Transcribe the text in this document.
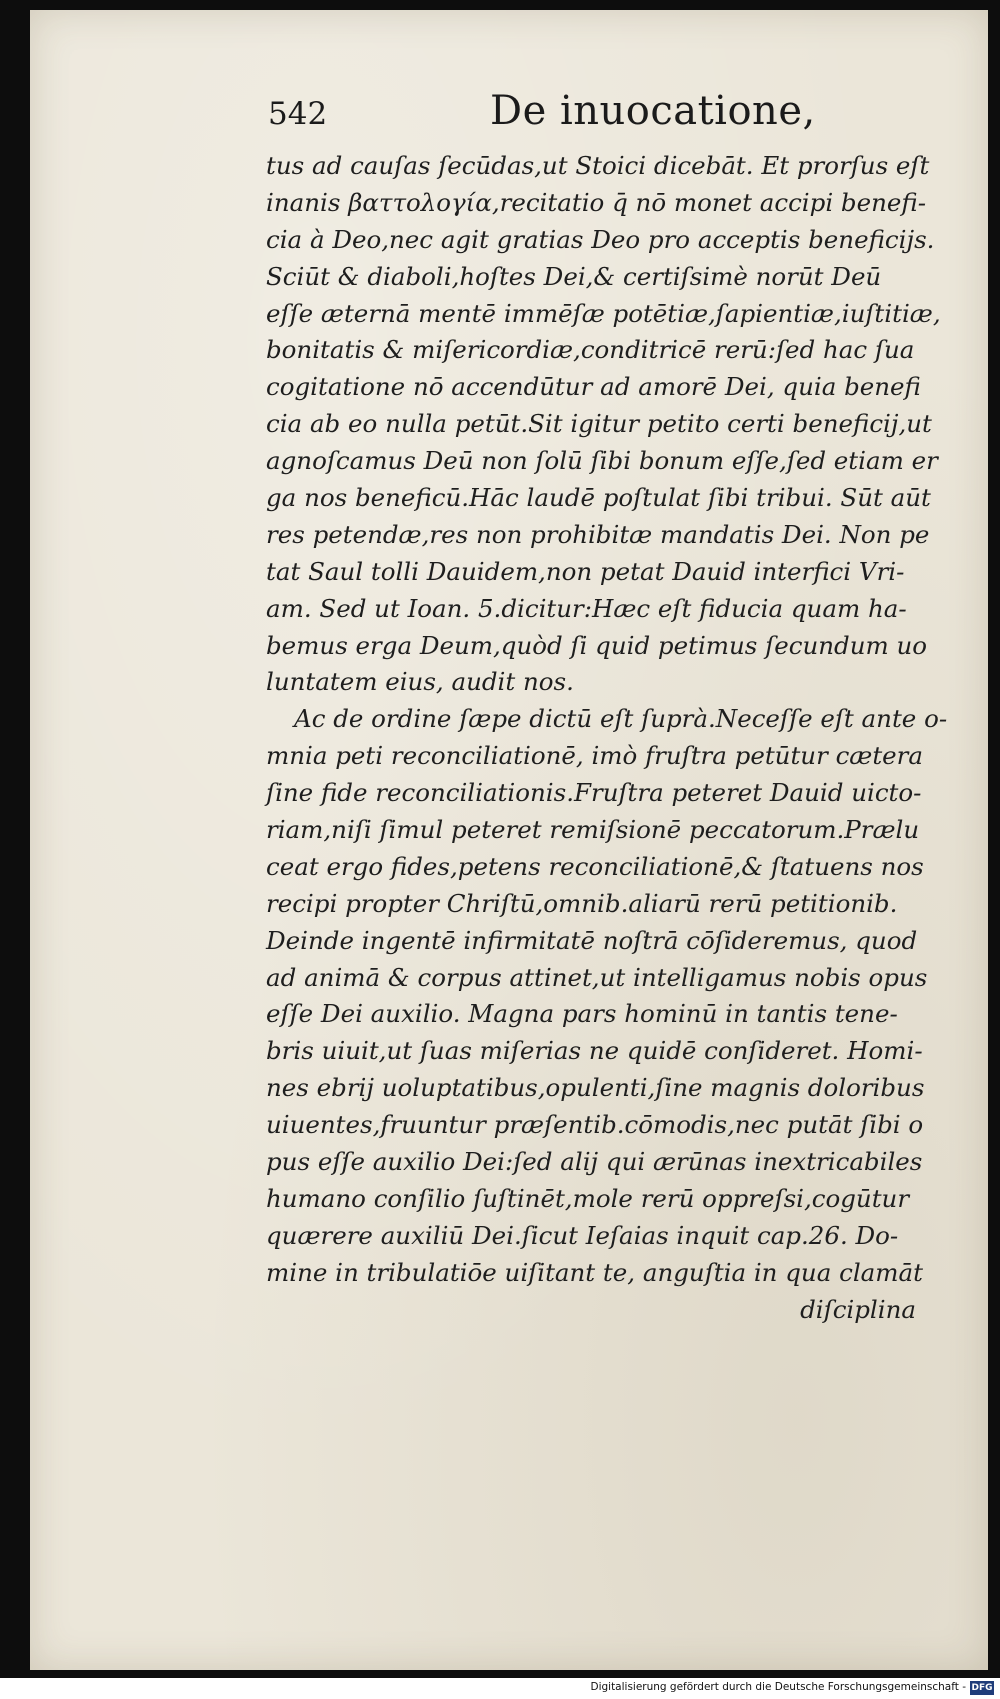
542	De inuocatione,
tus ad cauſas ſecūdas,ut Stoici dicebāt. Et prorſus eſt
inanis βαττολογία,recitatio q̄ nō monet accipi benefi-
cia à Deo,nec agit gratias Deo pro acceptis beneficijs.
Sciūt & diaboli,hoſtes Dei,& certiſsimè norūt Deū
eſſe æternā mentē immēſæ potētiæ,ſapientiæ,iuſtitiæ,
bonitatis & miſericordiæ,conditricē rerū:ſed hac ſua
cogitatione nō accendūtur ad amorē Dei, quia benefi
cia ab eo nulla petūt.Sit igitur petito certi beneficij,ut
agnoſcamus Deū non ſolū ſibi bonum eſſe,ſed etiam er
ga nos beneficū.Hāc laudē poſtulat ſibi tribui. Sūt aūt
res petendæ,res non prohibitæ mandatis Dei. Non pe
tat Saul tolli Dauidem,non petat Dauid interfici Vri-
am. Sed ut Ioan. 5.dicitur:Hæc eſt fiducia quam ha-
bemus erga Deum,quòd ſi quid petimus ſecundum uo
luntatem eius, audit nos.
Ac de ordine ſæpe dictū eſt ſuprà.Neceſſe eſt ante o-
mnia peti reconciliationē, imò fruſtra petūtur cætera
ſine fide reconciliationis.Fruſtra peteret Dauid uicto-
riam,niſi ſimul peteret remiſsionē peccatorum.Prælu
ceat ergo fides,petens reconciliationē,& ſtatuens nos
recipi propter Chriſtū,omnib.aliarū rerū petitionib.
Deinde ingentē infirmitatē noſtrā cōſideremus, quod
ad animā & corpus attinet,ut intelligamus nobis opus
eſſe Dei auxilio. Magna pars hominū in tantis tene-
bris uiuit,ut ſuas miſerias ne quidē conſideret. Homi-
nes ebrij uoluptatibus,opulenti,ſine magnis doloribus
uiuentes,fruuntur præſentib.cōmodis,nec putāt ſibi o
pus eſſe auxilio Dei:ſed alij qui ærūnas inextricabiles
humano conſilio ſuſtinēt,mole rerū oppreſsi,cogūtur
quærere auxiliū Dei.ſicut Ieſaias inquit cap.26. Do-
mine in tribulatiōe uiſitant te, anguſtia in qua clamāt
diſciplina
Digitalisierung gefördert durch die Deutsche Forschungsgemeinschaft - DFG
